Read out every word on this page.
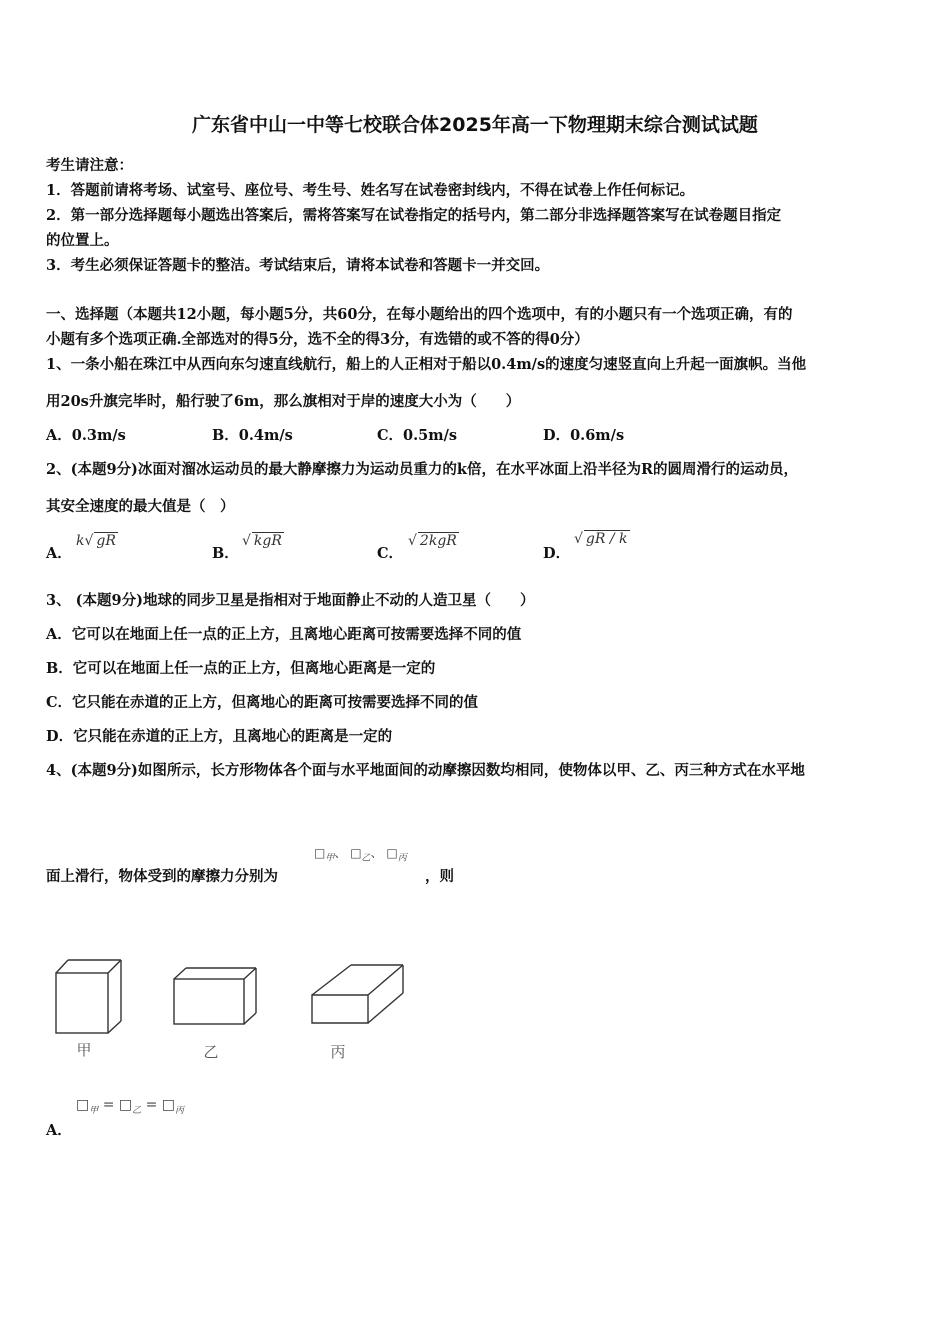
广东省中山一中等七校联合体2025年高一下物理期末综合测试试题
考生请注意：
1．答题前请将考场、试室号、座位号、考生号、姓名写在试卷密封线内，不得在试卷上作任何标记。
2．第一部分选择题每小题选出答案后，需将答案写在试卷指定的括号内，第二部分非选择题答案写在试卷题目指定
的位置上。
3．考生必须保证答题卡的整洁。考试结束后，请将本试卷和答题卡一并交回。
一、选择题（本题共12小题，每小题5分，共60分，在每小题给出的四个选项中，有的小题只有一个选项正确，有的
小题有多个选项正确.全部选对的得5分，选不全的得3分，有选错的或不答的得0分）
1、一条小船在珠江中从西向东匀速直线航行，船上的人正相对于船以0.4m/s的速度匀速竖直向上升起一面旗帜。当他
用20s升旗完毕时，船行驶了6m，那么旗相对于岸的速度大小为（　　）
A．0.3m/s	B．0.4m/s	C．0.5m/s	D．0.6m/s
2、(本题9分)冰面对溜冰运动员的最大静摩擦力为运动员重力的k倍，在水平冰面上沿半径为R的圆周滑行的运动员，
其安全速度的最大值是（　）
A．
k√ gR
B．
√ kgR
C．
√ 2kgR
D．
√ gR / k
3、 (本题9分)地球的同步卫星是指相对于地面静止不动的人造卫星（　　）
A．它可以在地面上任一点的正上方，且离地心距离可按需要选择不同的值
B．它可以在地面上任一点的正上方，但离地心距离是一定的
C．它只能在赤道的正上方，但离地心的距离可按需要选择不同的值
D．它只能在赤道的正上方，且离地心的距离是一定的
4、(本题9分)如图所示，长方形物体各个面与水平地面间的动摩擦因数均相同，使物体以甲、乙、丙三种方式在水平地
$□_甲$、 $□_乙$、 $□_丙$
面上滑行，物体受到的摩擦力分别为	，则
甲	乙	丙
$□_甲$ = $□_乙$ = $□_丙$
A．
